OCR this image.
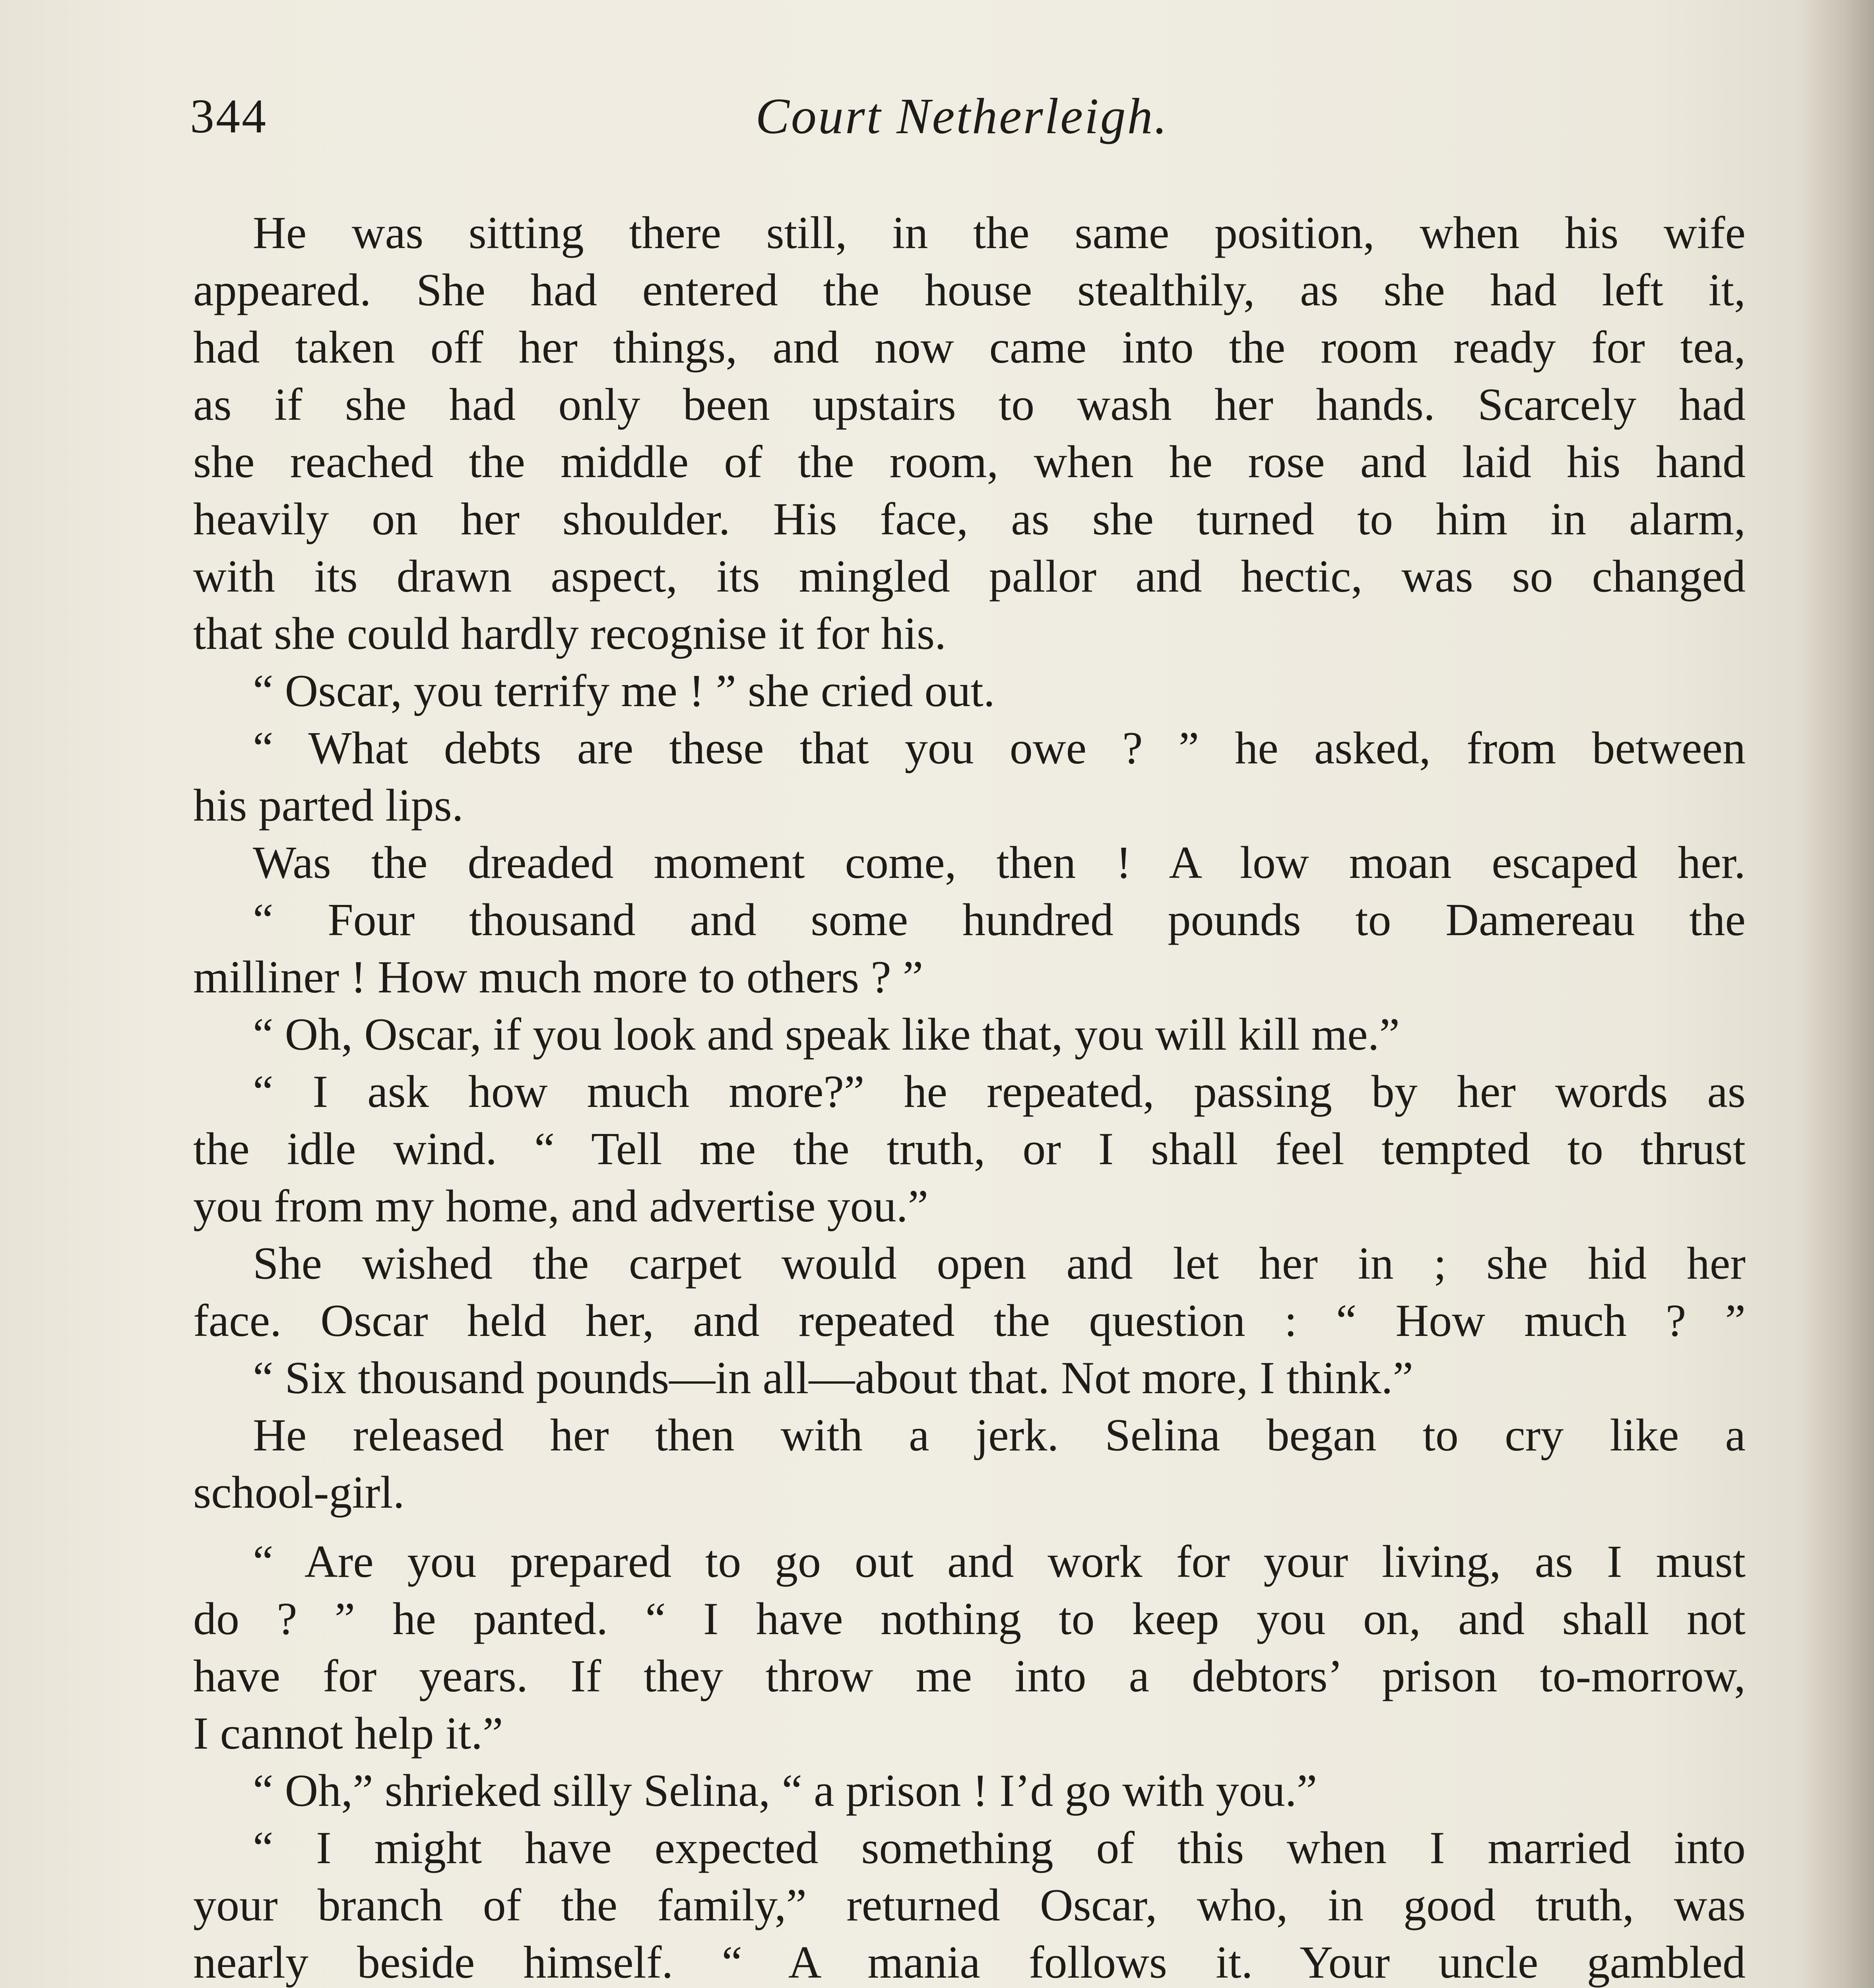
344	Court Netherleigh.
He was sitting there still, in the same position, when his wife
appeared. She had entered the house stealthily, as she had left it,
had taken off her things, and now came into the room ready for tea,
as if she had only been upstairs to wash her hands. Scarcely had
she reached the middle of the room, when he rose and laid his hand
heavily on her shoulder. His face, as she turned to him in alarm,
with its drawn aspect, its mingled pallor and hectic, was so changed
that she could hardly recognise it for his.
“ Oscar, you terrify me ! ” she cried out.
“ What debts are these that you owe ? ” he asked, from between
his parted lips.
Was the dreaded moment come, then ! A low moan escaped her.
“ Four thousand and some hundred pounds to Damereau the
milliner ! How much more to others ? ”
“ Oh, Oscar, if you look and speak like that, you will kill me.”
“ I ask how much more?” he repeated, passing by her words as
the idle wind. “ Tell me the truth, or I shall feel tempted to thrust
you from my home, and advertise you.”
She wished the carpet would open and let her in ; she hid her
face. Oscar held her, and repeated the question : “ How much ? ”
“ Six thousand pounds—in all—about that. Not more, I think.”
He released her then with a jerk. Selina began to cry like a
school-girl.
“ Are you prepared to go out and work for your living, as I must
do ? ” he panted. “ I have nothing to keep you on, and shall not
have for years. If they throw me into a debtors’ prison to-morrow,
I cannot help it.”
“ Oh,” shrieked silly Selina, “ a prison ! I’d go with you.”
“ I might have expected something of this when I married into
your branch of the family,” returned Oscar, who, in good truth, was
nearly beside himself. “ A mania follows it. Your uncle gambled
